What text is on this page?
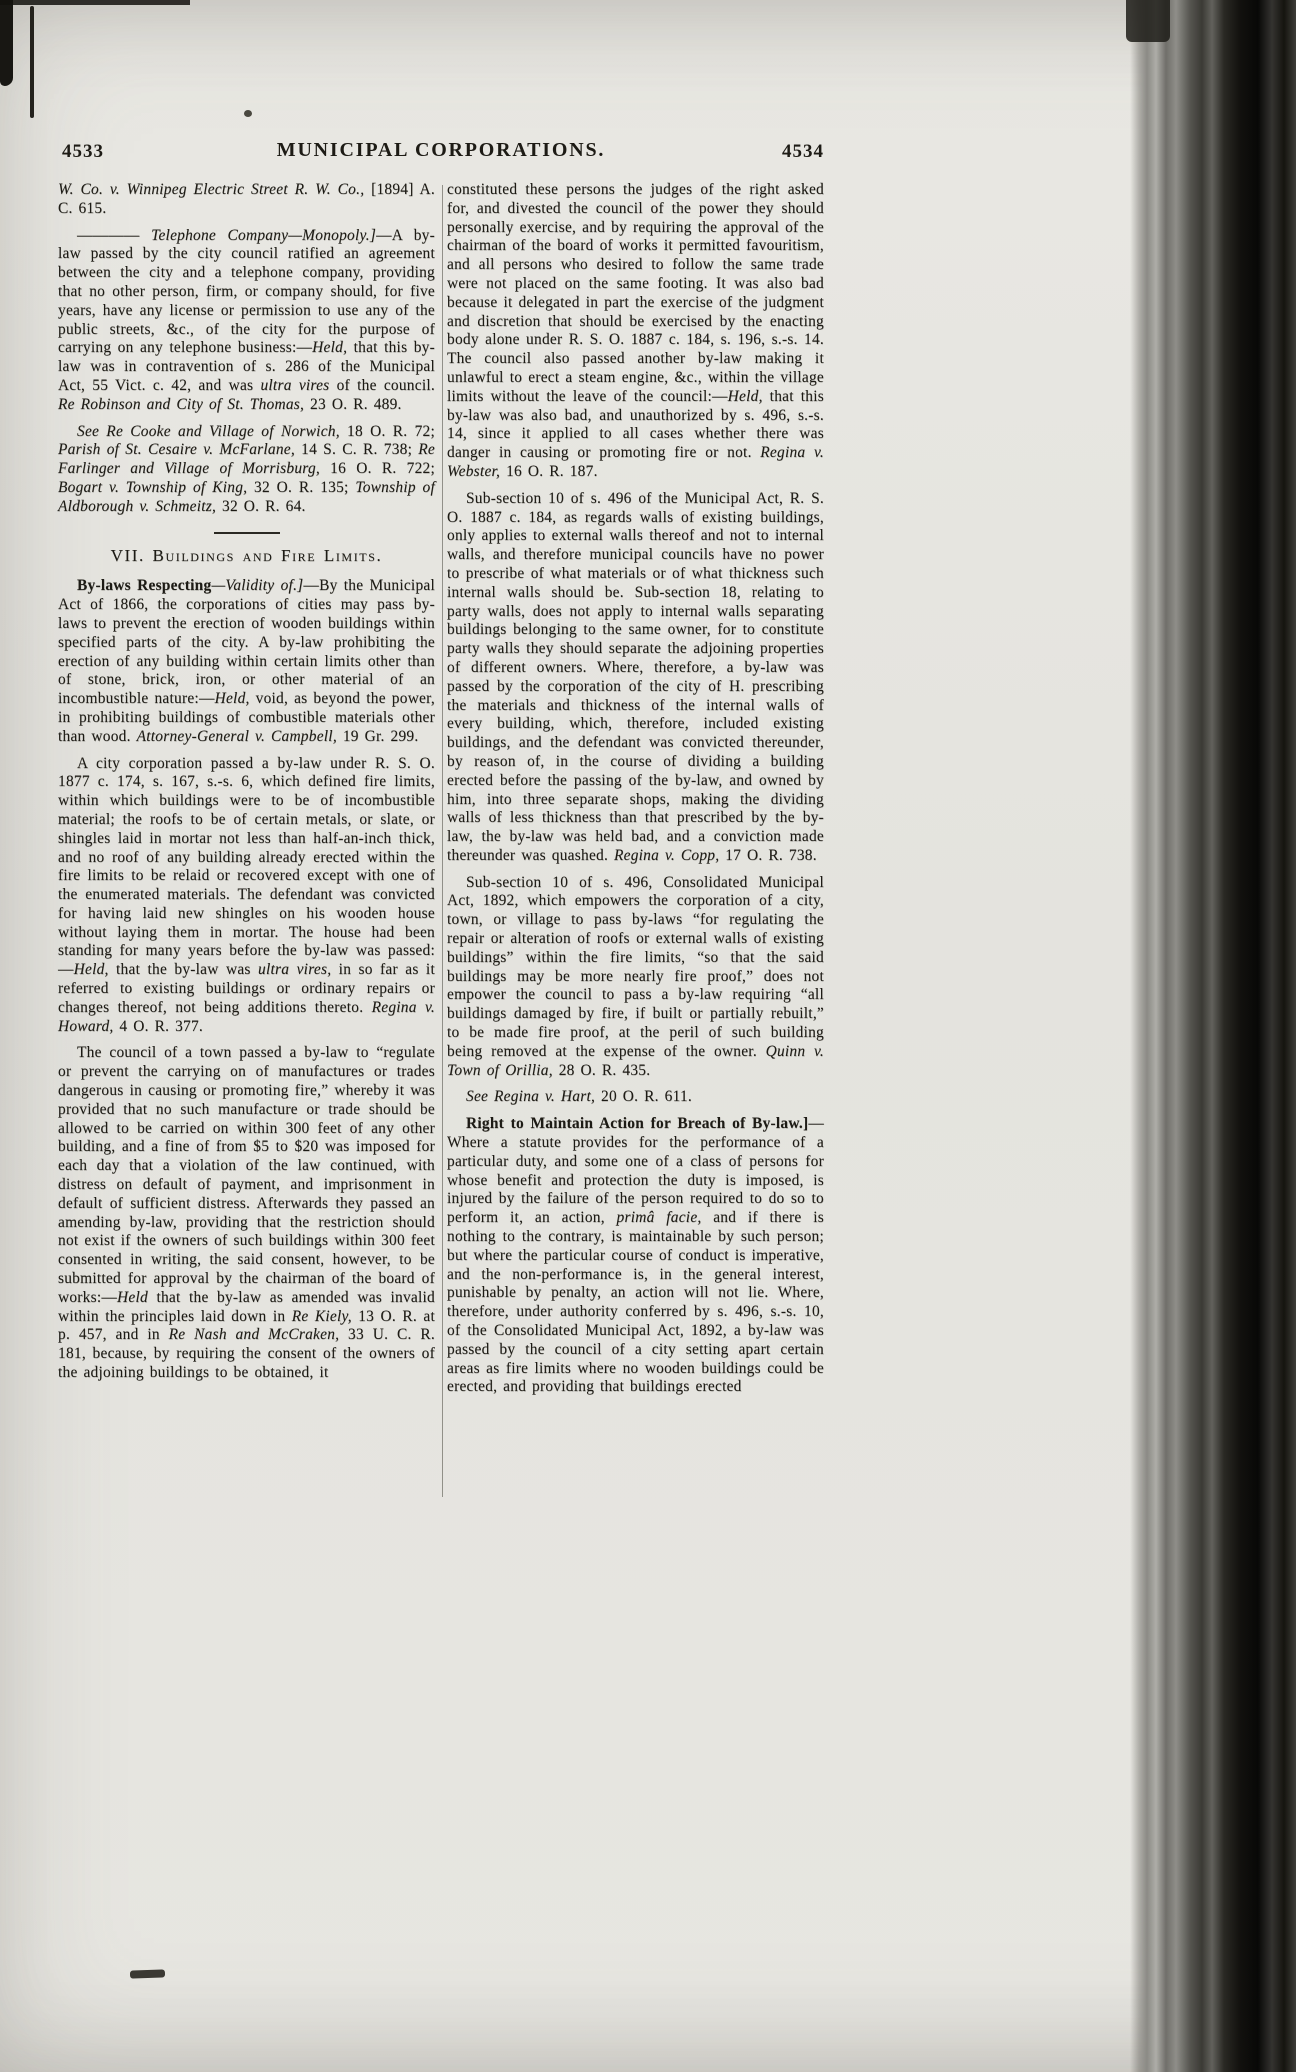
4533	MUNICIPAL CORPORATIONS.	4534

W. Co. v. Winnipeg Electric Street R. W. Co., [1894] A. C. 615.

———— Telephone Company—Monopoly.]—A by-law passed by the city council ratified an agreement between the city and a telephone company, providing that no other person, firm, or company should, for five years, have any license or permission to use any of the public streets, &c., of the city for the purpose of carrying on any telephone business:—Held, that this by-law was in contravention of s. 286 of the Municipal Act, 55 Vict. c. 42, and was ultra vires of the council. Re Robinson and City of St. Thomas, 23 O. R. 489.

See Re Cooke and Village of Norwich, 18 O. R. 72; Parish of St. Cesaire v. McFarlane, 14 S. C. R. 738; Re Farlinger and Village of Morrisburg, 16 O. R. 722; Bogart v. Township of King, 32 O. R. 135; Township of Aldborough v. Schmeitz, 32 O. R. 64.

VII. Buildings and Fire Limits.

By-laws Respecting—Validity of.]—By the Municipal Act of 1866, the corporations of cities may pass by-laws to prevent the erection of wooden buildings within specified parts of the city. A by-law prohibiting the erection of any building within certain limits other than of stone, brick, iron, or other material of an incombustible nature:—Held, void, as beyond the power, in prohibiting buildings of combustible materials other than wood. Attorney-General v. Campbell, 19 Gr. 299.

A city corporation passed a by-law under R. S. O. 1877 c. 174, s. 167, s.-s. 6, which defined fire limits, within which buildings were to be of incombustible material; the roofs to be of certain metals, or slate, or shingles laid in mortar not less than half-an-inch thick, and no roof of any building already erected within the fire limits to be relaid or recovered except with one of the enumerated materials. The defendant was convicted for having laid new shingles on his wooden house without laying them in mortar. The house had been standing for many years before the by-law was passed:—Held, that the by-law was ultra vires, in so far as it referred to existing buildings or ordinary repairs or changes thereof, not being additions thereto. Regina v. Howard, 4 O. R. 377.

The council of a town passed a by-law to “regulate or prevent the carrying on of manufactures or trades dangerous in causing or promoting fire,” whereby it was provided that no such manufacture or trade should be allowed to be carried on within 300 feet of any other building, and a fine of from $5 to $20 was imposed for each day that a violation of the law continued, with distress on default of payment, and imprisonment in default of sufficient distress. Afterwards they passed an amending by-law, providing that the restriction should not exist if the owners of such buildings within 300 feet consented in writing, the said consent, however, to be submitted for approval by the chairman of the board of works:—Held that the by-law as amended was invalid within the principles laid down in Re Kiely, 13 O. R. at p. 457, and in Re Nash and McCraken, 33 U. C. R. 181, because, by requiring the consent of the owners of the adjoining buildings to be obtained, it

constituted these persons the judges of the right asked for, and divested the council of the power they should personally exercise, and by requiring the approval of the chairman of the board of works it permitted favouritism, and all persons who desired to follow the same trade were not placed on the same footing. It was also bad because it delegated in part the exercise of the judgment and discretion that should be exercised by the enacting body alone under R. S. O. 1887 c. 184, s. 196, s.-s. 14. The council also passed another by-law making it unlawful to erect a steam engine, &c., within the village limits without the leave of the council:—Held, that this by-law was also bad, and unauthorized by s. 496, s.-s. 14, since it applied to all cases whether there was danger in causing or promoting fire or not. Regina v. Webster, 16 O. R. 187.

Sub-section 10 of s. 496 of the Municipal Act, R. S. O. 1887 c. 184, as regards walls of existing buildings, only applies to external walls thereof and not to internal walls, and therefore municipal councils have no power to prescribe of what materials or of what thickness such internal walls should be. Sub-section 18, relating to party walls, does not apply to internal walls separating buildings belonging to the same owner, for to constitute party walls they should separate the adjoining properties of different owners. Where, therefore, a by-law was passed by the corporation of the city of H. prescribing the materials and thickness of the internal walls of every building, which, therefore, included existing buildings, and the defendant was convicted thereunder, by reason of, in the course of dividing a building erected before the passing of the by-law, and owned by him, into three separate shops, making the dividing walls of less thickness than that prescribed by the by-law, the by-law was held bad, and a conviction made thereunder was quashed. Regina v. Copp, 17 O. R. 738.

Sub-section 10 of s. 496, Consolidated Municipal Act, 1892, which empowers the corporation of a city, town, or village to pass by-laws “for regulating the repair or alteration of roofs or external walls of existing buildings” within the fire limits, “so that the said buildings may be more nearly fire proof,” does not empower the council to pass a by-law requiring “all buildings damaged by fire, if built or partially rebuilt,” to be made fire proof, at the peril of such building being removed at the expense of the owner. Quinn v. Town of Orillia, 28 O. R. 435.

See Regina v. Hart, 20 O. R. 611.

Right to Maintain Action for Breach of By-law.]—Where a statute provides for the performance of a particular duty, and some one of a class of persons for whose benefit and protection the duty is imposed, is injured by the failure of the person required to do so to perform it, an action, primâ facie, and if there is nothing to the contrary, is maintainable by such person; but where the particular course of conduct is imperative, and the non-performance is, in the general interest, punishable by penalty, an action will not lie. Where, therefore, under authority conferred by s. 496, s.-s. 10, of the Consolidated Municipal Act, 1892, a by-law was passed by the council of a city setting apart certain areas as fire limits where no wooden buildings could be erected, and providing that buildings erected
